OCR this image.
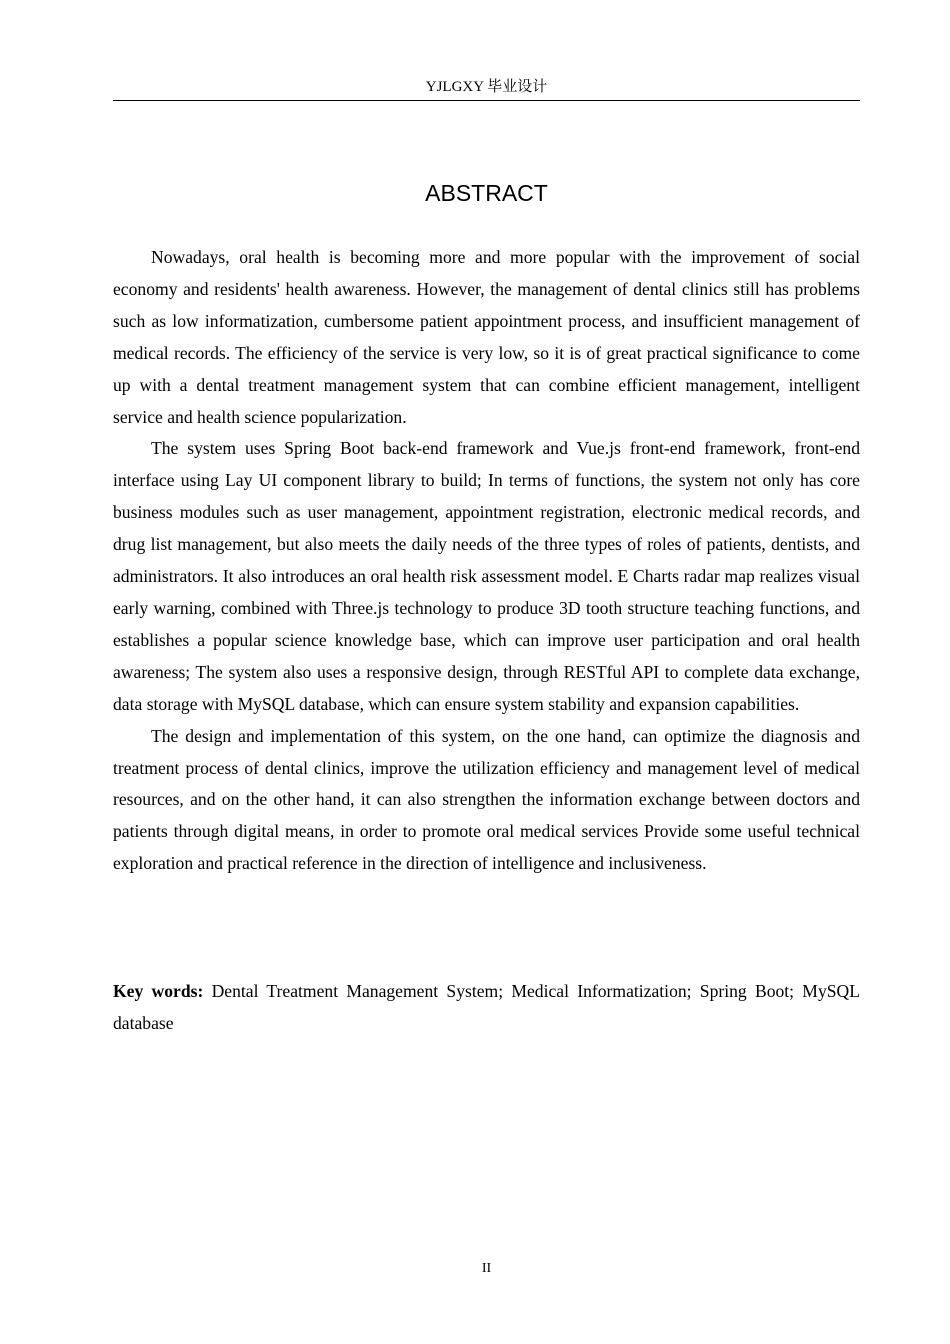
YJLGXY 毕业设计
ABSTRACT

Nowadays, oral health is becoming more and more popular with the improvement of social economy and residents' health awareness. However, the management of dental clinics still has problems such as low informatization, cumbersome patient appointment process, and insufficient management of medical records. The efficiency of the service is very low, so it is of great practical significance to come up with a dental treatment management system that can combine efficient management, intelligent service and health science popularization.

The system uses Spring Boot back-end framework and Vue.js front-end framework, front-end interface using Lay UI component library to build; In terms of functions, the system not only has core business modules such as user management, appointment registration, electronic medical records, and drug list management, but also meets the daily needs of the three types of roles of patients, dentists, and administrators. It also introduces an oral health risk assessment model. E Charts radar map realizes visual early warning, combined with Three.js technology to produce 3D tooth structure teaching functions, and establishes a popular science knowledge base, which can improve user participation and oral health awareness; The system also uses a responsive design, through RESTful API to complete data exchange, data storage with MySQL database, which can ensure system stability and expansion capabilities.

The design and implementation of this system, on the one hand, can optimize the diagnosis and treatment process of dental clinics, improve the utilization efficiency and management level of medical resources, and on the other hand, it can also strengthen the information exchange between doctors and patients through digital means, in order to promote oral medical services Provide some useful technical exploration and practical reference in the direction of intelligence and inclusiveness.

Key words: Dental Treatment Management System; Medical Informatization; Spring Boot; MySQL database

II
